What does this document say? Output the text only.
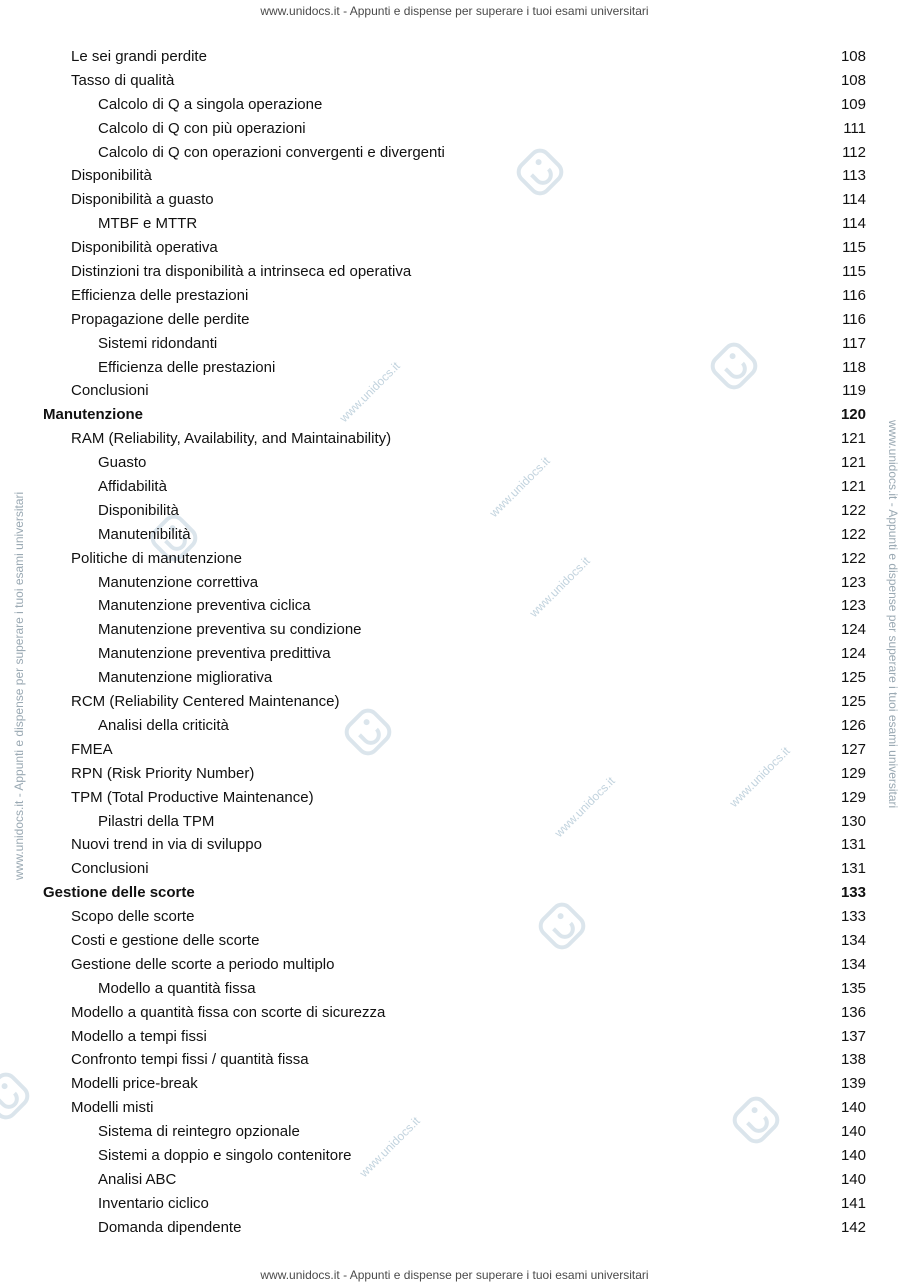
www.unidocs.it
www.unidocs.it
www.unidocs.it
www.unidocs.it
www.unidocs.it
www.unidocs.it
www.unidocs.it - Appunti e dispense per superare i tuoi esami universitari
www.unidocs.it - Appunti e dispense per superare i tuoi esami universitari	www.unidocs.it - Appunti e dispense per superare i tuoi esami universitari
Le sei grandi perdite	108
Tasso di qualità	108
Calcolo di Q a singola operazione	109
Calcolo di Q con più operazioni	111
Calcolo di Q con operazioni convergenti e divergenti	112
Disponibilità	113
Disponibilità a guasto	114
MTBF e MTTR	114
Disponibilità operativa	115
Distinzioni tra disponibilità a intrinseca ed operativa	115
Efficienza delle prestazioni	116
Propagazione delle perdite	116
Sistemi ridondanti	117
Efficienza delle prestazioni	118
Conclusioni	119
Manutenzione	120
RAM (Reliability, Availability, and Maintainability)	121
Guasto	121
Affidabilità	121
Disponibilità	122
Manutenibilità	122
Politiche di manutenzione	122
Manutenzione correttiva	123
Manutenzione preventiva ciclica	123
Manutenzione preventiva su condizione	124
Manutenzione preventiva predittiva	124
Manutenzione migliorativa	125
RCM (Reliability Centered Maintenance)	125
Analisi della criticità	126
FMEA	127
RPN (Risk Priority Number)	129
TPM (Total Productive Maintenance)	129
Pilastri della TPM	130
Nuovi trend in via di sviluppo	131
Conclusioni	131
Gestione delle scorte	133
Scopo delle scorte	133
Costi e gestione delle scorte	134
Gestione delle scorte a periodo multiplo	134
Modello a quantità fissa	135
Modello a quantità fissa con scorte di sicurezza	136
Modello a tempi fissi	137
Confronto tempi fissi / quantità fissa	138
Modelli price-break	139
Modelli misti	140
Sistema di reintegro opzionale	140
Sistemi a doppio e singolo contenitore	140
Analisi ABC	140
Inventario ciclico	141
Domanda dipendente	142
www.unidocs.it - Appunti e dispense per superare i tuoi esami universitari
